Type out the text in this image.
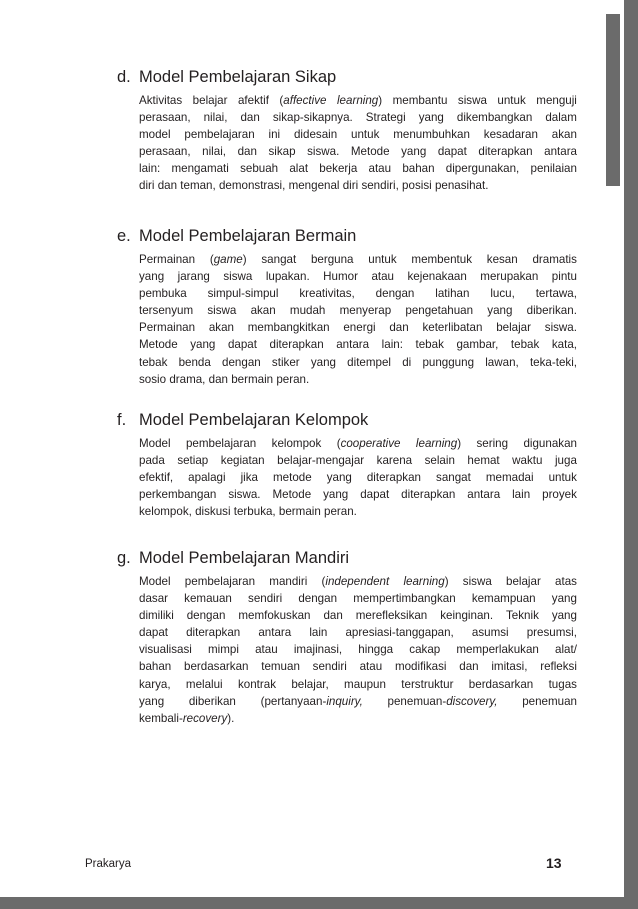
d. Model Pembelajaran Sikap
Aktivitas belajar afektif (affective learning) membantu siswa untuk menguji
perasaan, nilai, dan sikap-sikapnya. Strategi yang dikembangkan dalam
model pembelajaran ini didesain untuk menumbuhkan kesadaran akan
perasaan, nilai, dan sikap siswa. Metode yang dapat diterapkan antara
lain: mengamati sebuah alat bekerja atau bahan dipergunakan, penilaian
diri dan teman, demonstrasi, mengenal diri sendiri, posisi penasihat.
e. Model Pembelajaran Bermain
Permainan (game) sangat berguna untuk membentuk kesan dramatis
yang jarang siswa lupakan. Humor atau kejenakaan merupakan pintu
pembuka simpul-simpul kreativitas, dengan latihan lucu, tertawa,
tersenyum siswa akan mudah menyerap pengetahuan yang diberikan.
Permainan akan membangkitkan energi dan keterlibatan belajar siswa.
Metode yang dapat diterapkan antara lain: tebak gambar, tebak kata,
tebak benda dengan stiker yang ditempel di punggung lawan, teka-teki,
sosio drama, dan bermain peran.
f. Model Pembelajaran Kelompok
Model pembelajaran kelompok (cooperative learning) sering digunakan
pada setiap kegiatan belajar-mengajar karena selain hemat waktu juga
efektif, apalagi jika metode yang diterapkan sangat memadai untuk
perkembangan siswa. Metode yang dapat diterapkan antara lain proyek
kelompok, diskusi terbuka, bermain peran.
g. Model Pembelajaran Mandiri
Model pembelajaran mandiri (independent learning) siswa belajar atas
dasar kemauan sendiri dengan mempertimbangkan kemampuan yang
dimiliki dengan memfokuskan dan merefleksikan keinginan. Teknik yang
dapat diterapkan antara lain apresiasi-tanggapan, asumsi presumsi,
visualisasi mimpi atau imajinasi, hingga cakap memperlakukan alat/
bahan berdasarkan temuan sendiri atau modifikasi dan imitasi, refleksi
karya, melalui kontrak belajar, maupun terstruktur berdasarkan tugas
yang diberikan (pertanyaan-inquiry, penemuan-discovery, penemuan
kembali-recovery).
Prakarya	13
